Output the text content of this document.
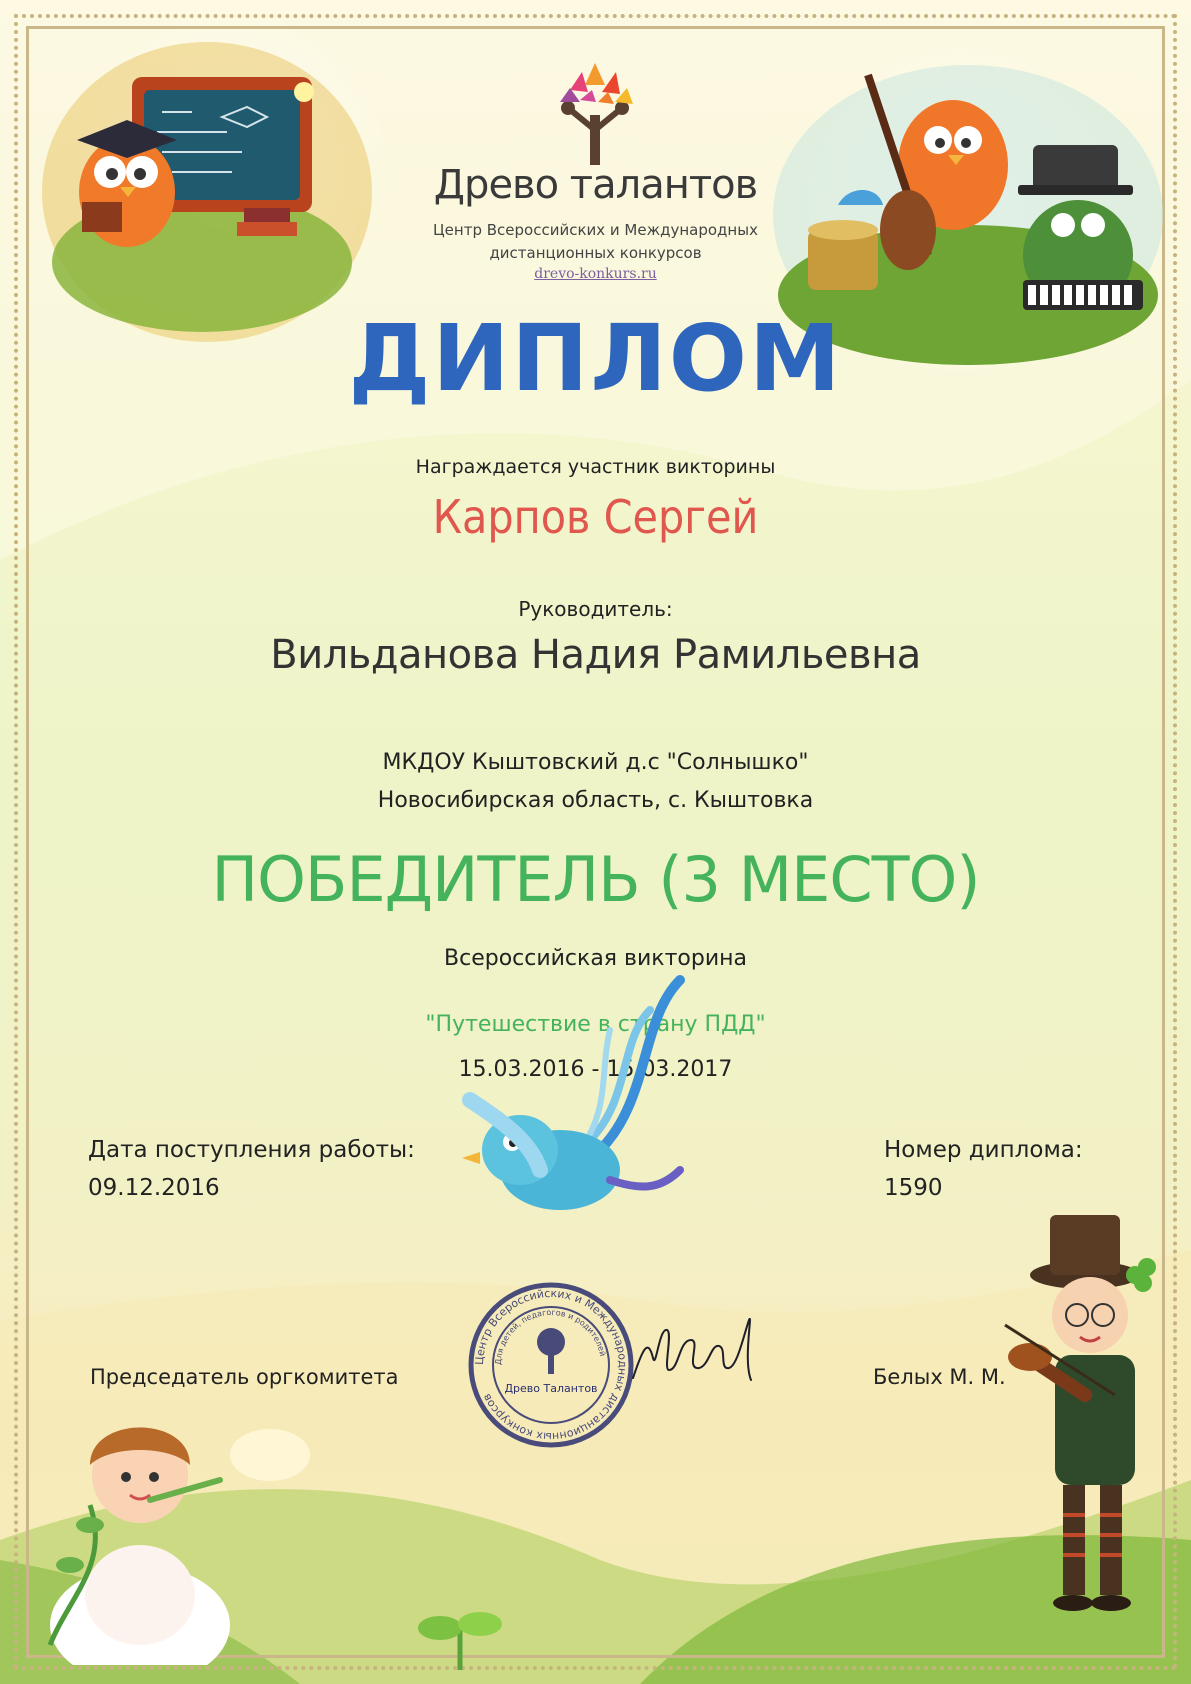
Древо талантов
Центр Всероссийских и Международных
дистанционных конкурсов
drevo-konkurs.ru
ДИПЛОМ
Награждается участник викторины
Карпов Сергей
Руководитель:
Вильданова Надия Рамильевна
МКДОУ Кыштовский д.с "Солнышко"
Новосибирская область, с. Кыштовка
ПОБЕДИТЕЛЬ (3 МЕСТО)
Всероссийская викторина
"Путешествие в страну ПДД"
15.03.2016 - 15.03.2017
Дата поступления работы:
09.12.2016
Номер диплома:
1590
Центр Всероссийских и Международных дистанционных конкурсов
Для детей, педагогов и родителей
Древо Талантов
Председатель оргкомитета	Белых М. М.
